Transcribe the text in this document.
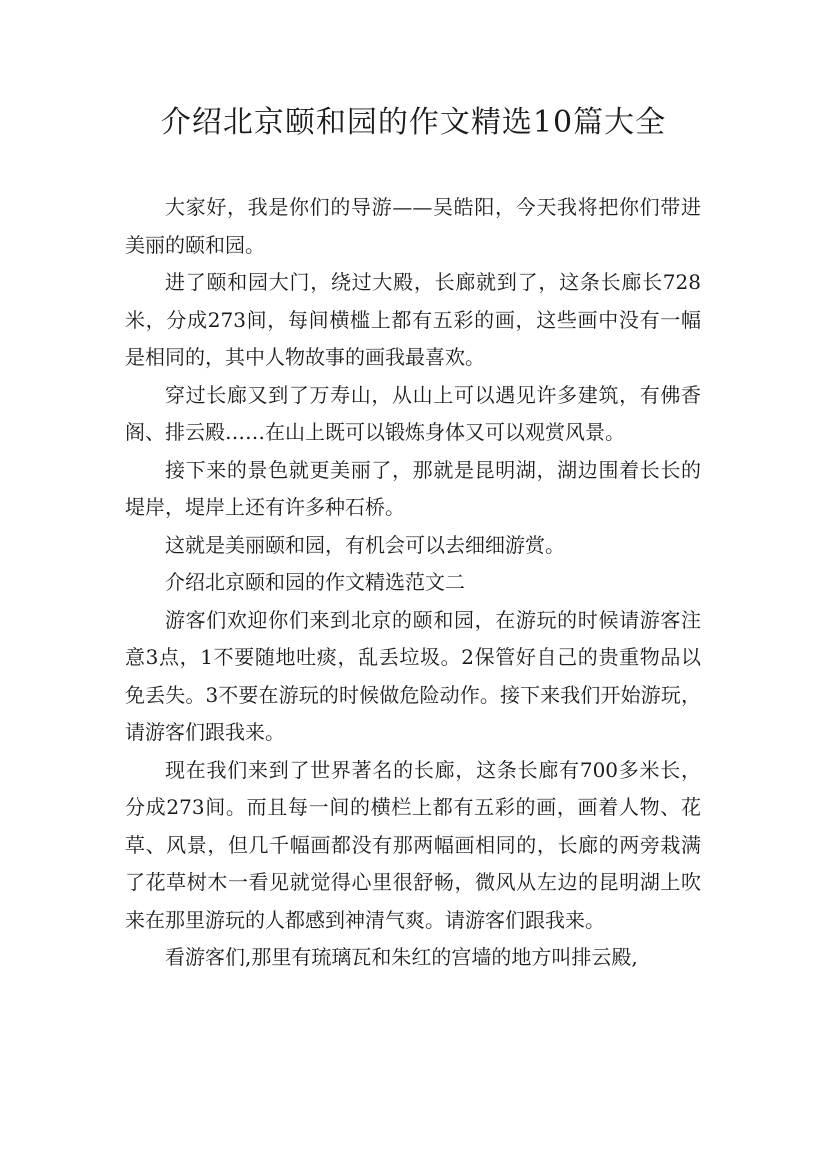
介绍北京颐和园的作文精选10篇大全

大家好，我是你们的导游——吴皓阳，今天我将把你们带进美丽的颐和园。

进了颐和园大门，绕过大殿，长廊就到了，这条长廊长728米，分成273间，每间横槛上都有五彩的画，这些画中没有一幅是相同的，其中人物故事的画我最喜欢。

穿过长廊又到了万寿山，从山上可以遇见许多建筑，有佛香阁、排云殿……在山上既可以锻炼身体又可以观赏风景。

接下来的景色就更美丽了，那就是昆明湖，湖边围着长长的堤岸，堤岸上还有许多种石桥。

这就是美丽颐和园，有机会可以去细细游赏。

介绍北京颐和园的作文精选范文二

游客们欢迎你们来到北京的颐和园，在游玩的时候请游客注意3点，1不要随地吐痰，乱丢垃圾。2保管好自己的贵重物品以免丢失。3不要在游玩的时候做危险动作。接下来我们开始游玩，请游客们跟我来。

现在我们来到了世界著名的长廊，这条长廊有700多米长，分成273间。而且每一间的横栏上都有五彩的画，画着人物、花草、风景，但几千幅画都没有那两幅画相同的，长廊的两旁栽满了花草树木一看见就觉得心里很舒畅，微风从左边的昆明湖上吹来在那里游玩的人都感到神清气爽。请游客们跟我来。

看游客们,那里有琉璃瓦和朱红的宫墙的地方叫排云殿,
